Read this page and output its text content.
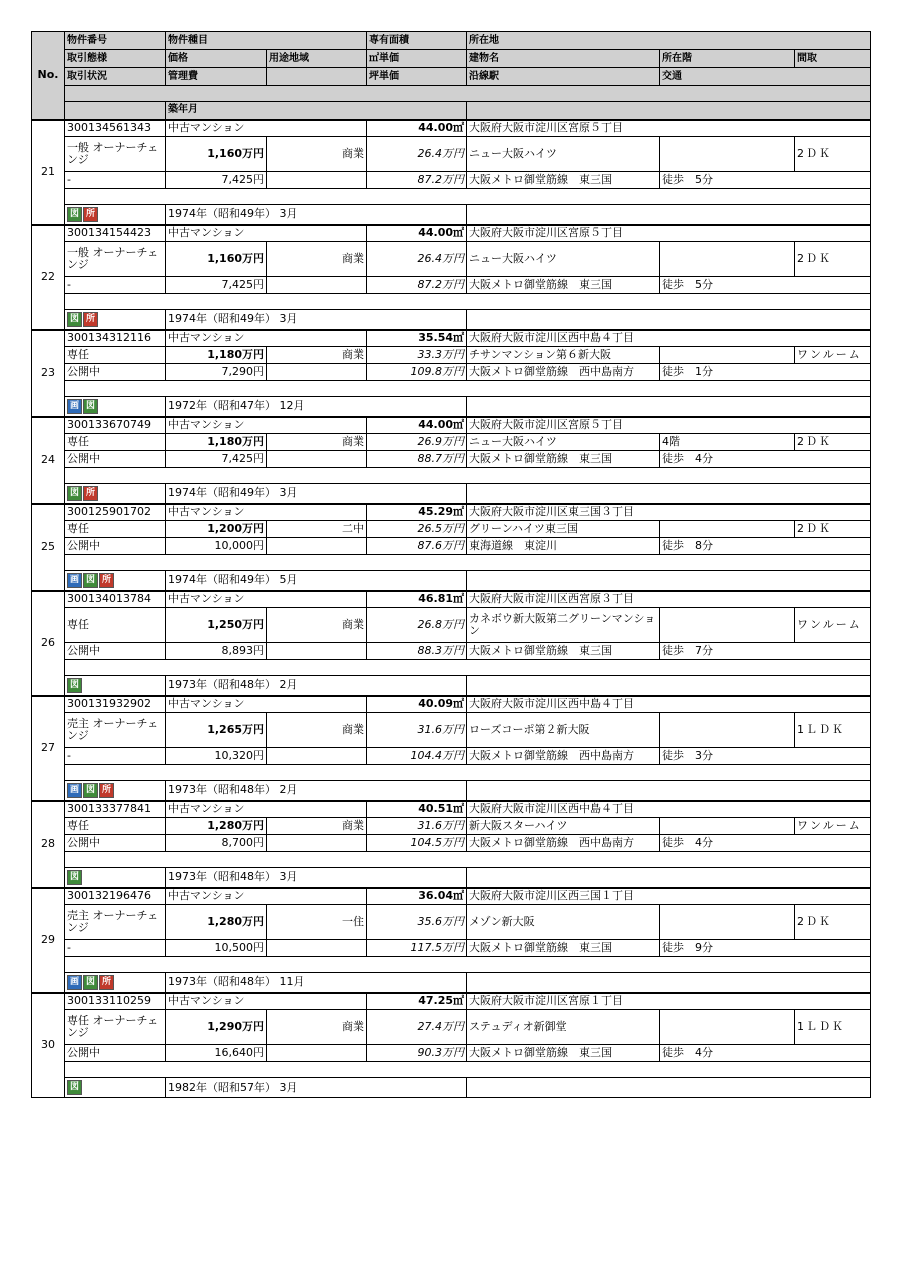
No.	物件番号	物件種目		専有面積	所在地		
	取引態様	価格	用途地域	㎡単価	建物名	所在階	間取
	取引状況	管理費		坪単価	沿線駅	交通	

		築年月					
21	300134561343	中古マンション		44.00㎡	大阪府大阪市淀川区宮原５丁目		
	一般 オーナーチェンジ	1,160万円	商業	26.4万円	ニュー大阪ハイツ		2ＤＫ
	-	7,425円		87.2万円	大阪メトロ御堂筋線　東三国	徒歩　5分	

	図 所	1974年（昭和49年） 3月					
22	300134154423	中古マンション		44.00㎡	大阪府大阪市淀川区宮原５丁目		
	一般 オーナーチェンジ	1,160万円	商業	26.4万円	ニュー大阪ハイツ		2ＤＫ
	-	7,425円		87.2万円	大阪メトロ御堂筋線　東三国	徒歩　5分	

	図 所	1974年（昭和49年） 3月					
23	300134312116	中古マンション		35.54㎡	大阪府大阪市淀川区西中島４丁目		
	専任	1,180万円	商業	33.3万円	チサンマンション第６新大阪		ワンルーム
	公開中	7,290円		109.8万円	大阪メトロ御堂筋線　西中島南方	徒歩　1分	

	画 図	1972年（昭和47年） 12月					
24	300133670749	中古マンション		44.00㎡	大阪府大阪市淀川区宮原５丁目		
	専任	1,180万円	商業	26.9万円	ニュー大阪ハイツ	4階	2ＤＫ
	公開中	7,425円		88.7万円	大阪メトロ御堂筋線　東三国	徒歩　4分	

	図 所	1974年（昭和49年） 3月					
25	300125901702	中古マンション		45.29㎡	大阪府大阪市淀川区東三国３丁目		
	専任	1,200万円	二中	26.5万円	グリーンハイツ東三国		2ＤＫ
	公開中	10,000円		87.6万円	東海道線　東淀川	徒歩　8分	

	画 図 所	1974年（昭和49年） 5月					
26	300134013784	中古マンション		46.81㎡	大阪府大阪市淀川区西宮原３丁目		
	専任	1,250万円	商業	26.8万円	カネボウ新大阪第二グリーンマンション		ワンルーム
	公開中	8,893円		88.3万円	大阪メトロ御堂筋線　東三国	徒歩　7分	

	図	1973年（昭和48年） 2月					
27	300131932902	中古マンション		40.09㎡	大阪府大阪市淀川区西中島４丁目		
	売主 オーナーチェンジ	1,265万円	商業	31.6万円	ローズコーポ第２新大阪		1ＬＤＫ
	-	10,320円		104.4万円	大阪メトロ御堂筋線　西中島南方	徒歩　3分	

	画 図 所	1973年（昭和48年） 2月					
28	300133377841	中古マンション		40.51㎡	大阪府大阪市淀川区西中島４丁目		
	専任	1,280万円	商業	31.6万円	新大阪スターハイツ		ワンルーム
	公開中	8,700円		104.5万円	大阪メトロ御堂筋線　西中島南方	徒歩　4分	

	図	1973年（昭和48年） 3月					
29	300132196476	中古マンション		36.04㎡	大阪府大阪市淀川区西三国１丁目		
	売主 オーナーチェンジ	1,280万円	一住	35.6万円	メゾン新大阪		2ＤＫ
	-	10,500円		117.5万円	大阪メトロ御堂筋線　東三国	徒歩　9分	

	画 図 所	1973年（昭和48年） 11月					
30	300133110259	中古マンション		47.25㎡	大阪府大阪市淀川区宮原１丁目		
	専任 オーナーチェンジ	1,290万円	商業	27.4万円	ステュディオ新御堂		1ＬＤＫ
	公開中	16,640円		90.3万円	大阪メトロ御堂筋線　東三国	徒歩　4分	

	図	1982年（昭和57年） 3月					
